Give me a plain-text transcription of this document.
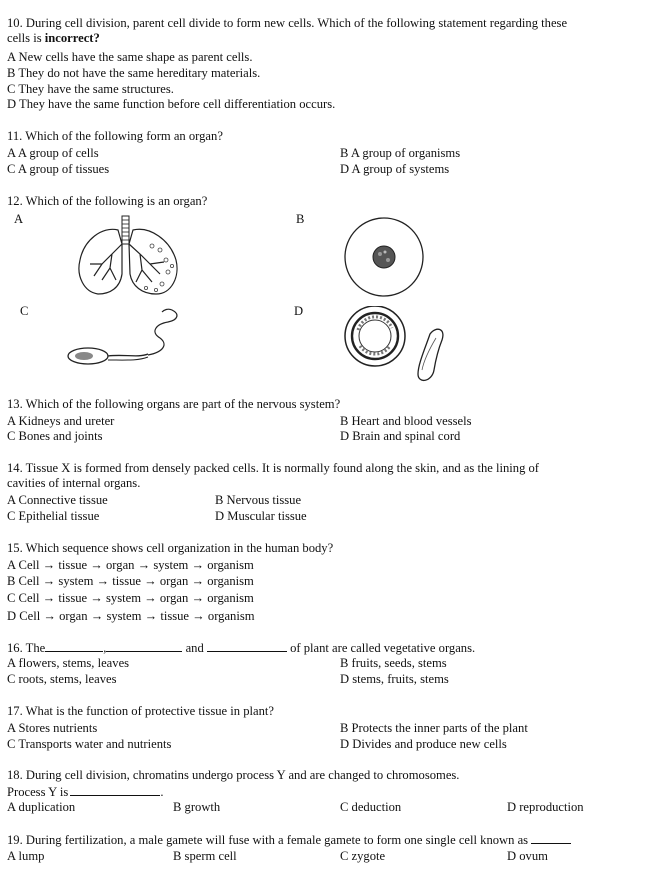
10. During cell division, parent cell divide to form new cells. Which of the following statement regarding these
cells is incorrect?
A New cells have the same shape as parent cells.
B They do not have the same hereditary materials.
C They have the same structures.
D They have the same function before cell differentiation occurs.
11. Which of the following form an organ?
A A group of cells	B A group of organisms
C A group of tissues	D A group of systems
12. Which of the following is an organ?
A	B
C	D
13. Which of the following organs are part of the nervous system?
A Kidneys and ureter	B Heart and blood vessels
C Bones and joints	D Brain and spinal cord
14. Tissue X is formed from densely packed cells. It is normally found along the skin, and as the lining of
cavities of internal organs.
A Connective tissue	B Nervous tissue
C Epithelial tissue	D Muscular tissue
15. Which sequence shows cell organization in the human body?
A Cell → tissue → organ → system → organism
B Cell → system → tissue → organ → organism
C Cell → tissue → system → organ → organism
D Cell → organ → system → tissue → organism
16. The	,	and	of plant are called vegetative organs.
A flowers, stems, leaves	B fruits, seeds, stems
C roots, stems, leaves	D stems, fruits, stems
17. What is the function of protective tissue in plant?
A Stores nutrients	B Protects the inner parts of the plant
C Transports water and nutrients	D Divides and produce new cells
18. During cell division, chromatins undergo process Y and are changed to chromosomes.
Process Y is	.
A duplication	B growth	C deduction	D reproduction
19. During fertilization, a male gamete will fuse with a female gamete to form one single cell known as
A lump	B sperm cell	C zygote	D ovum
